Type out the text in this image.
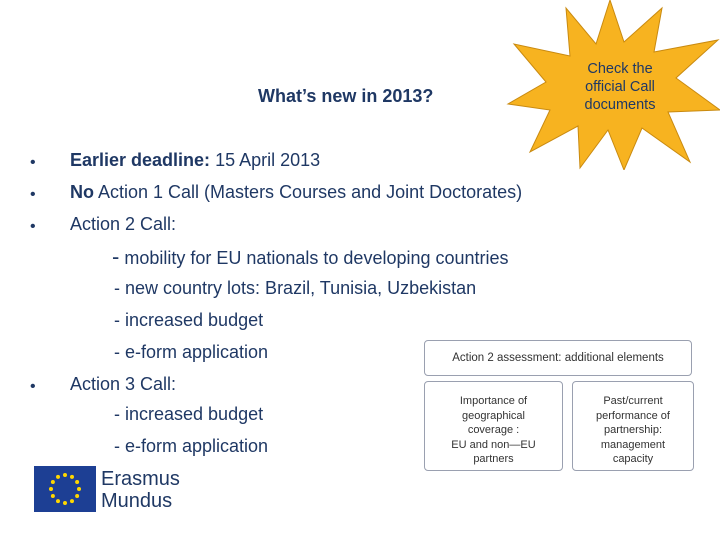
What’s new in 2013?
Check the
official Call
documents
• Earlier deadline: 15 April 2013
• No Action 1 Call (Masters Courses and Joint Doctorates)
• Action 2 Call:
- mobility for EU nationals to developing countries
- new country lots: Brazil, Tunisia, Uzbekistan
- increased budget
- e-form application
• Action 3 Call:
- increased budget
- e-form application
Action 2 assessment: additional elements
Importance of
geographical
coverage :
EU and non—EU
partners
Past/current
performance of
partnership:
management
capacity
Erasmus
Mundus
